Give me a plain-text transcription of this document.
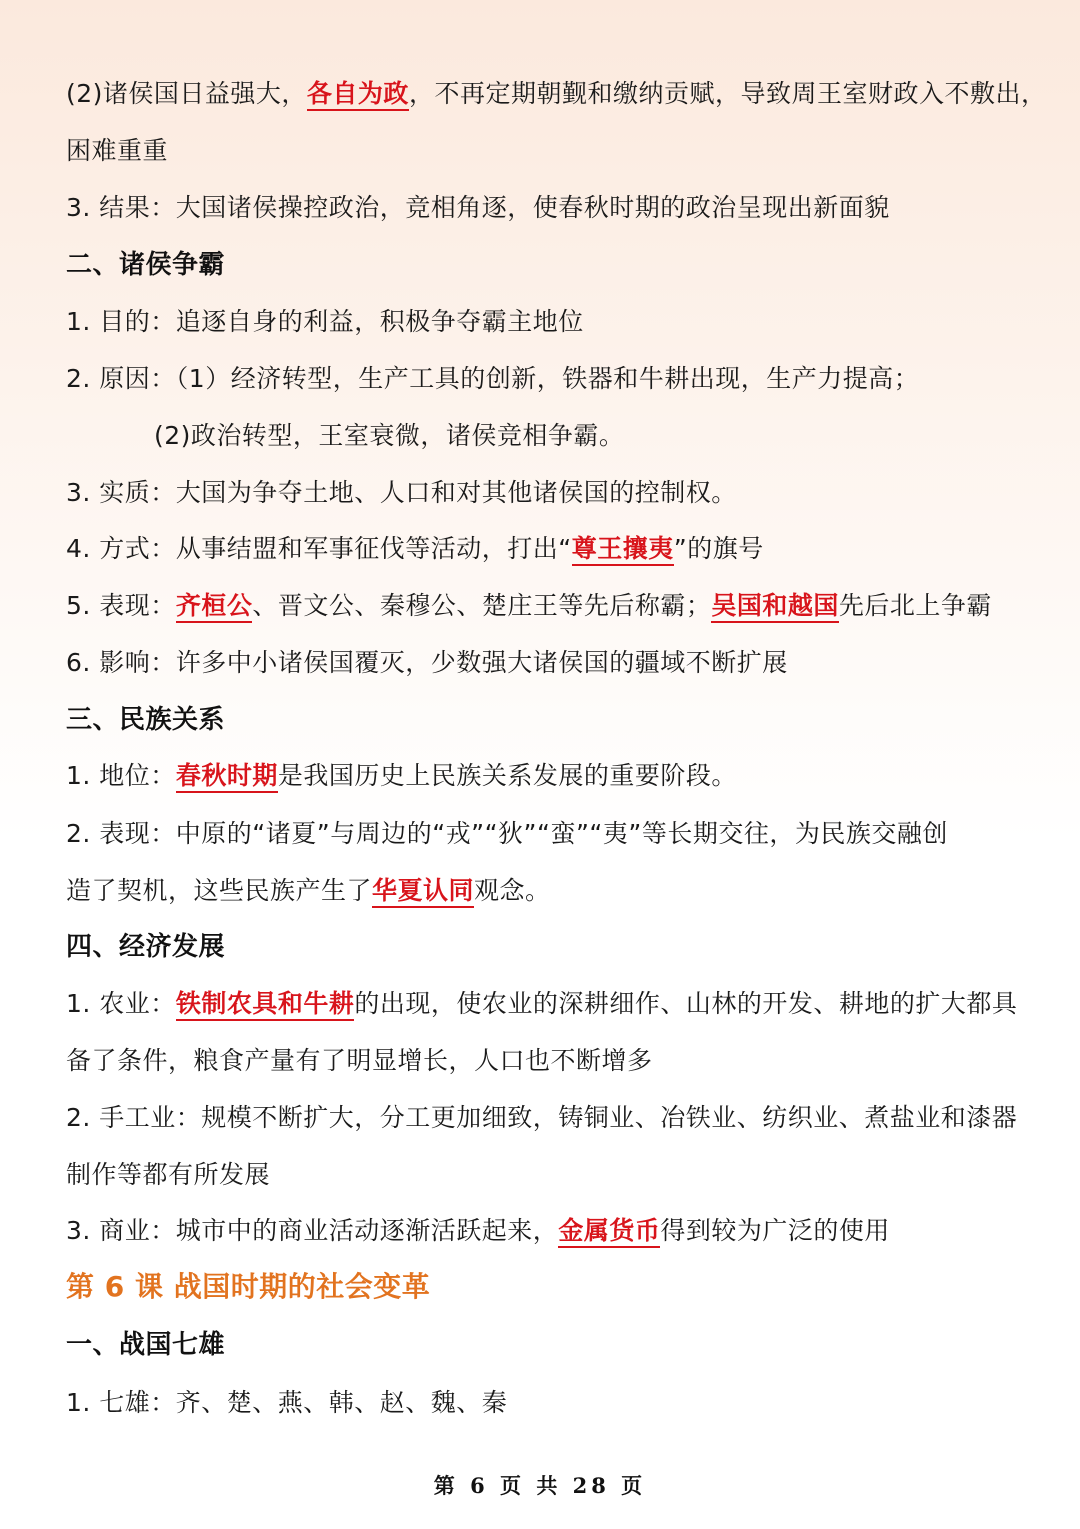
(2)诸侯国日益强大，各自为政，不再定期朝觐和缴纳贡赋，导致周王室财政入不敷出，
困难重重
3. 结果：大国诸侯操控政治，竞相角逐，使春秋时期的政治呈现出新面貌
二、诸侯争霸
1. 目的：追逐自身的利益，积极争夺霸主地位
2. 原因：（1）经济转型，生产工具的创新，铁器和牛耕出现，生产力提高；
(2)政治转型，王室衰微，诸侯竞相争霸。
3. 实质：大国为争夺土地、人口和对其他诸侯国的控制权。
4. 方式：从事结盟和军事征伐等活动，打出“尊王攘夷”的旗号
5. 表现：齐桓公、晋文公、秦穆公、楚庄王等先后称霸；吴国和越国先后北上争霸
6. 影响：许多中小诸侯国覆灭，少数强大诸侯国的疆域不断扩展
三、民族关系
1. 地位：春秋时期是我国历史上民族关系发展的重要阶段。
2. 表现：中原的“诸夏”与周边的“戎”“狄”“蛮”“夷”等长期交往，为民族交融创
造了契机，这些民族产生了华夏认同观念。
四、经济发展
1. 农业：铁制农具和牛耕的出现，使农业的深耕细作、山林的开发、耕地的扩大都具
备了条件，粮食产量有了明显增长，人口也不断增多
2. 手工业：规模不断扩大，分工更加细致，铸铜业、冶铁业、纺织业、煮盐业和漆器
制作等都有所发展
3. 商业：城市中的商业活动逐渐活跃起来，金属货币得到较为广泛的使用
第 6 课 战国时期的社会变革
一、战国七雄
1. 七雄：齐、楚、燕、韩、赵、魏、秦
第 6 页 共 28 页
